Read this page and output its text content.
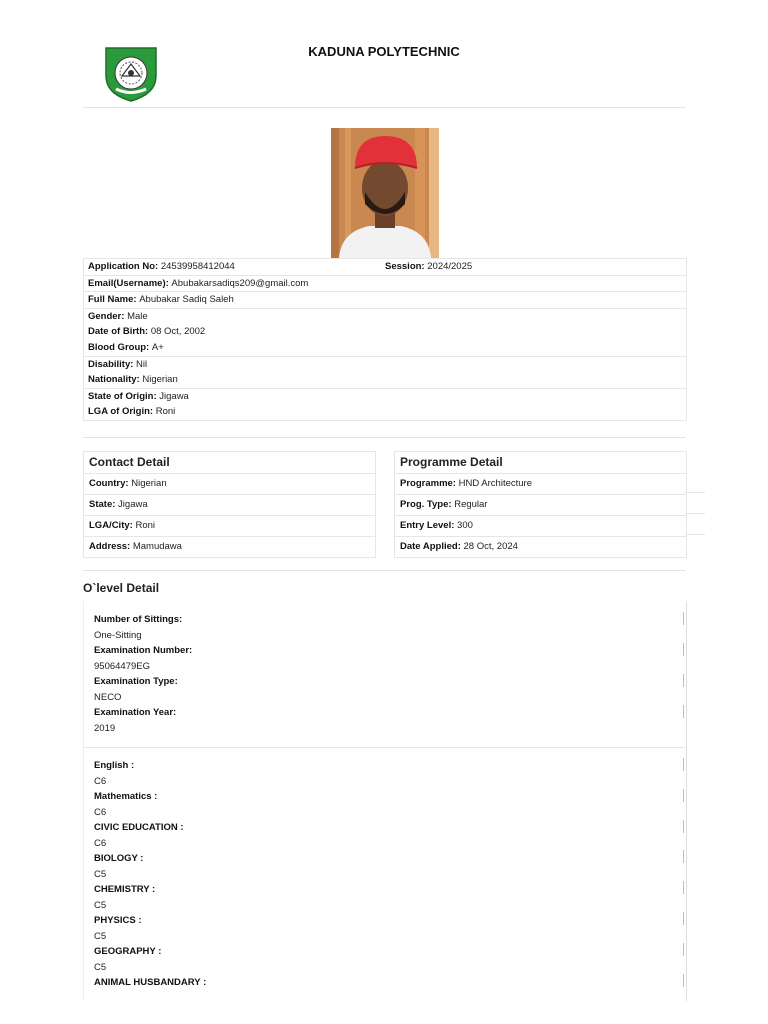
KADUNA POLYTECHNIC
Application No: 24539958412044	Session: 2024/2025
Email(Username):
Abubakarsadiqs209@gmail.com
Full Name:
Abubakar Sadiq Saleh
Gender:
Male
Date of Birth:
08 Oct, 2002
Blood Group:
A+
Disability:
Nil
Nationality:
Nigerian
State of Origin:
Jigawa
LGA of Origin:
Roni
Contact Detail
Country: Nigerian
State: Jigawa
LGA/City: Roni
Address: Mamudawa
Programme Detail
Programme: HND Architecture
Prog. Type: Regular
Entry Level: 300
Date Applied: 28 Oct, 2024
O`level Detail
Number of Sittings:
One-Sitting
Examination Number:
95064479EG
Examination Type:
NECO
Examination Year:
2019
English :
C6
Mathematics :
C6
CIVIC EDUCATION :
C6
BIOLOGY :
C5
CHEMISTRY :
C5
PHYSICS :
C5
GEOGRAPHY :
C5
ANIMAL HUSBANDARY :
